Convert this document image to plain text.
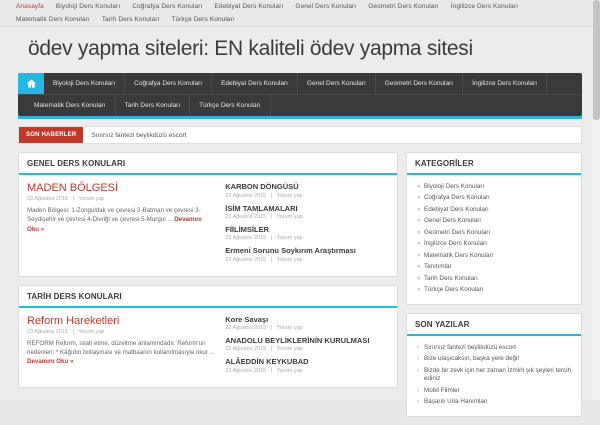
Anasayfa	Biyoloji Ders Konuları	Coğrafya Ders Konuları	Edebiyat Ders Konuları	Genel Ders Konuları	Geometri Ders Konuları	İngilizce Ders Konuları
Matematik Ders Konuları	Tarih Ders Konuları	Türkçe Ders Konuları
ödev yapma siteleri: EN kaliteli ödev yapma sitesi
Biyoloji Ders Konuları	Coğrafya Ders Konuları	Edebiyat Ders Konuları	Genel Ders Konuları	Geometri Ders Konuları	İngilizce Ders Konuları
Matematik Ders Konuları	Tarih Ders Konuları	Türkçe Ders Konuları
SON HABERLER	Sınırsız fantezi beylikdüzü escort
GENEL DERS KONULARI
MADEN BÖLGESİ
23 Ağustos 2015 | Yorum yap
Maden Bölgesi: 1-Zonguldak ve çevresi 2-Batman ve çevresi 3-Seydişehir ve çevresi 4-Divriği ve çevresi 5-Murgul ... Devamını Oku »
KARBON DÖNGÜSÜ
23 Ağustos 2015 | Yorum yap
İSİM TAMLAMALARI
23 Ağustos 2015 | Yorum yap
FİİLİMSİLER
23 Ağustos 2015 | Yorum yap
Ermeni Sorunu Soykırım Araştırması
23 Ağustos 2015 | Yorum yap
TARİH DERS KONULARI
Reform Hareketleri
23 Ağustos 2015 | Yorum yap
REFORM Reform, ıslah etme, düzeltme anlamındadır. Reform'un nedenleri; * Kâğıdın bollaşması ve matbaanın kullanılmasıyla okur ... Devamını Oku »
Kore Savaşı
23 Ağustos 2015 | Yorum yap
ANADOLU BEYLİKLERİNİN KURULMASI
23 Ağustos 2015 | Yorum yap
ALÂEDDİN KEYKUBAD
23 Ağustos 2015 | Yorum yap
KATEGORİLER
» Biyoloji Ders Konuları
» Coğrafya Ders Konuları
» Edebiyat Ders Konuları
» Genel Ders Konuları
» Geometri Ders Konuları
» İngilizce Ders Konuları
» Matematik Ders Konuları
» Tanıtımlar
» Tarih Ders Konuları
» Türkçe Ders Konuları
SON YAZILAR
› Sınırsız fantezi beylikdüzü escort
› Bize ulaşıcaksın, başka yere değil
› Bizde bir zevk için her zaman İzmirli şık şeyleri tercih ediniz
› Mobil Filmler
› Başarılı Urla Hanımları
